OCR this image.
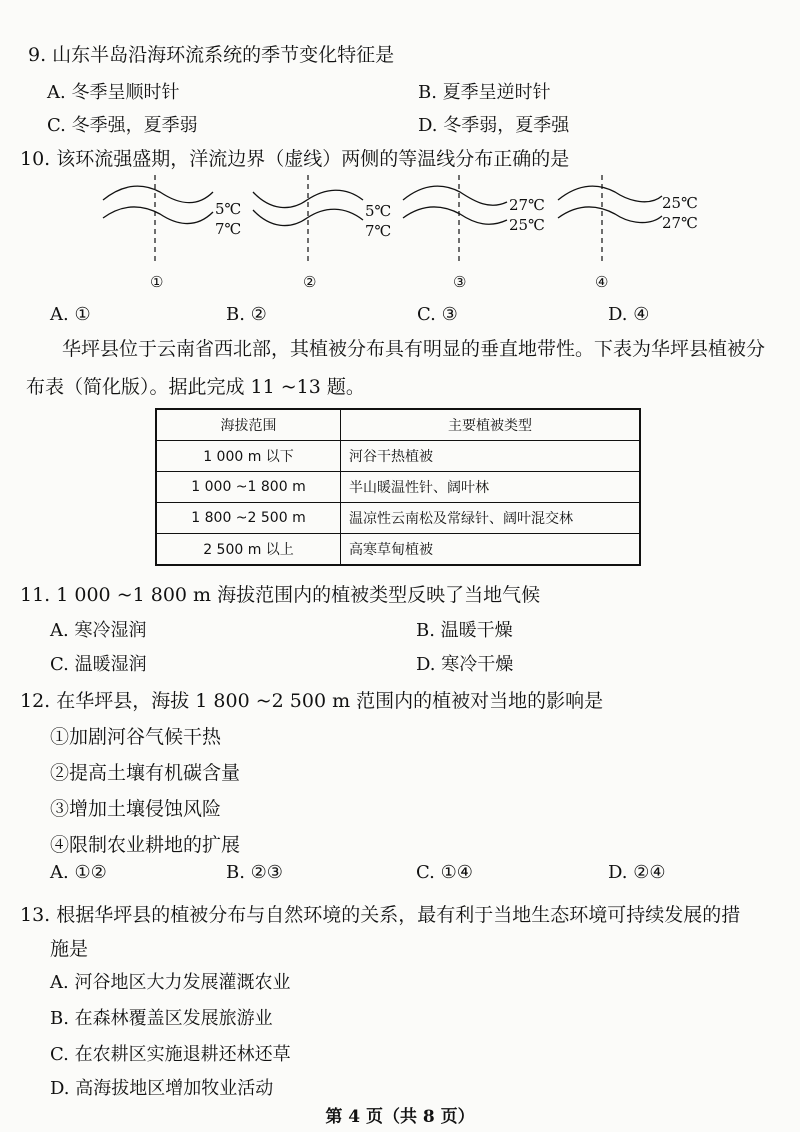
9. 山东半岛沿海环流系统的季节变化特征是
A. 冬季呈顺时针	B. 夏季呈逆时针
C. 冬季强，夏季弱	D. 冬季弱，夏季强
10. 该环流强盛期，洋流边界（虚线）两侧的等温线分布正确的是
5℃
7℃
①
5℃
7℃
②
27℃
25℃
③
25℃
27℃
④
A. ①	B. ②	C. ③	D. ④
华坪县位于云南省西北部，其植被分布具有明显的垂直地带性。下表为华坪县植被分布表（简化版）。据此完成 11 ~13 题。
海拔范围	主要植被类型
1 000 m 以下	河谷干热植被
1 000 ~1 800 m	半山暖温性针、阔叶林
1 800 ~2 500 m	温凉性云南松及常绿针、阔叶混交林
2 500 m 以上	高寒草甸植被
11. 1 000 ~1 800 m 海拔范围内的植被类型反映了当地气候
A. 寒冷湿润	B. 温暖干燥
C. 温暖湿润	D. 寒冷干燥
12. 在华坪县，海拔 1 800 ~2 500 m 范围内的植被对当地的影响是
①加剧河谷气候干热
②提高土壤有机碳含量
③增加土壤侵蚀风险
④限制农业耕地的扩展
A. ①②	B. ②③	C. ①④	D. ②④
13. 根据华坪县的植被分布与自然环境的关系，最有利于当地生态环境可持续发展的措
施是
A. 河谷地区大力发展灌溉农业
B. 在森林覆盖区发展旅游业
C. 在农耕区实施退耕还林还草
D. 高海拔地区增加牧业活动
第 4 页（共 8 页）
